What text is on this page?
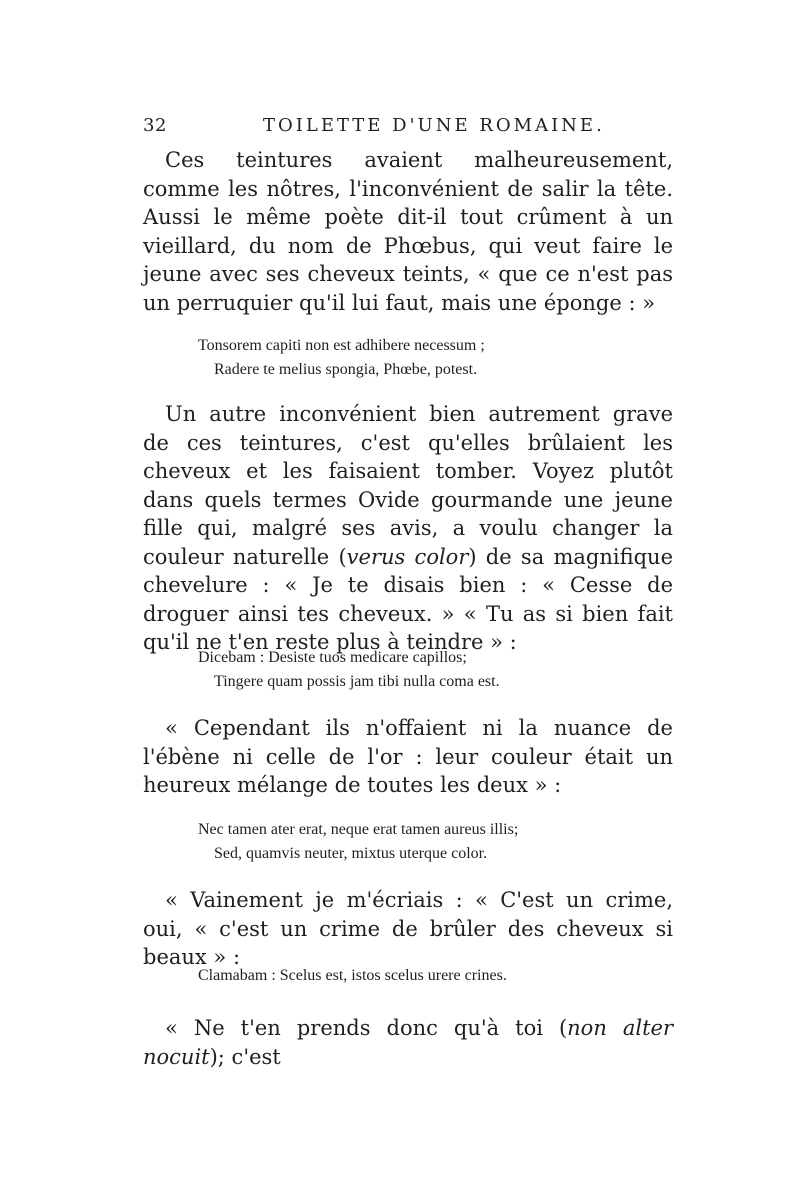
32	TOILETTE D'UNE ROMAINE.

Ces teintures avaient malheureusement, comme les nôtres, l'inconvénient de salir la tête. Aussi le même poète dit-il tout crûment à un vieillard, du nom de Phœbus, qui veut faire le jeune avec ses cheveux teints, « que ce n'est pas un perruquier qu'il lui faut, mais une éponge : »

Tonsorem capiti non est adhibere necessum ;
Radere te melius spongia, Phœbe, potest.

Un autre inconvénient bien autrement grave de ces teintures, c'est qu'elles brûlaient les cheveux et les faisaient tomber. Voyez plutôt dans quels termes Ovide gourmande une jeune fille qui, malgré ses avis, a voulu changer la couleur naturelle (verus color) de sa magnifique chevelure : « Je te disais bien : « Cesse de droguer ainsi tes cheveux. » « Tu as si bien fait qu'il ne t'en reste plus à teindre » :

Dicebam : Desiste tuos medicare capillos;
Tingere quam possis jam tibi nulla coma est.

« Cependant ils n'offaient ni la nuance de l'ébène ni celle de l'or : leur couleur était un heureux mélange de toutes les deux » :

Nec tamen ater erat, neque erat tamen aureus illis;
Sed, quamvis neuter, mixtus uterque color.

« Vainement je m'écriais : « C'est un crime, oui, « c'est un crime de brûler des cheveux si beaux » :

Clamabam : Scelus est, istos scelus urere crines.

« Ne t'en prends donc qu'à toi (non alter nocuit); c'est
